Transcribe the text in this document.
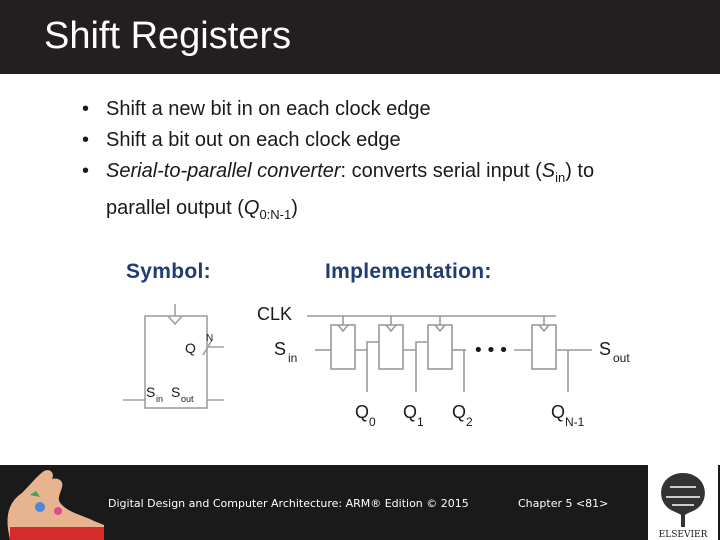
Shift Registers
• Shift a new bit in on each clock edge
• Shift a bit out on each clock edge
• Serial-to-parallel converter: converts serial input $(S_{in})$ to
parallel output $(Q_{0:N-1})$
Symbol:	Implementation:
Q
N
S in S out
CLK
S in	S out
•••
Q 0 Q 1 Q 2	Q N-1
ELSEVIER
Digital Design and Computer Architecture: ARM® Edition © 2015	Chapter 5 <81>
